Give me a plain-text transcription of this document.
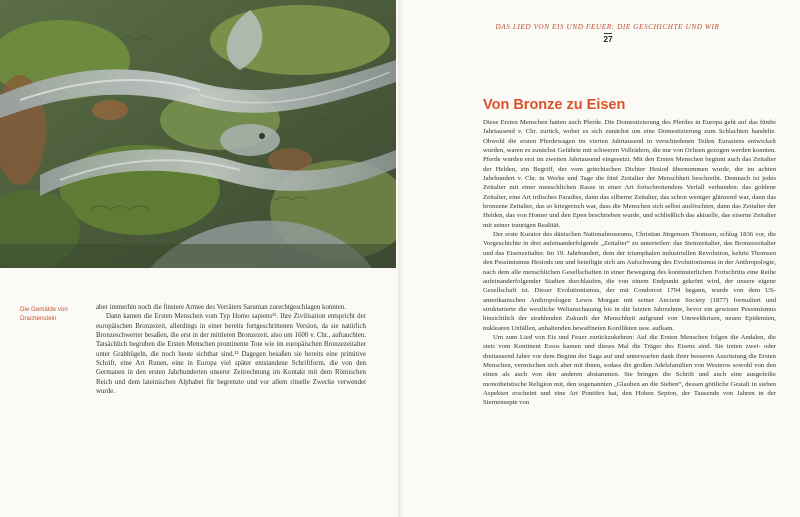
Die Gemälde von Drachenstein

aber immerhin noch die finstere Armee des Verräters Saruman zurechtgeschlagen konnten.

Dann kamen die Ersten Menschen vom Typ Homo sapiens¹². Ihre Zivilisation entspricht der europäischen Bronzezeit, allerdings in einer bereits fortgeschrittenen Version, da sie natürlich Bronzeschwerter besaßen, die erst in der mittleren Bronzezeit, also um 1600 v. Chr., auftauchten. Tatsächlich begruben die Ersten Menschen prominente Tote wie im europäischen Bronzezeitalter unter Grabhügeln, die noch heute sichtbar sind.¹³ Dagegen besaßen sie bereits eine primitive Schrift, eine Art Runen, eine in Europa viel später entstandene Schriftform, die von den Germanen in den ersten Jahrhunderten unserer Zeitrechnung im Kontakt mit dem Römischen Reich und dem lateinischen Alphabet für begrenzte und vor allem rituelle Zwecke verwendet wurde.

DAS LIED VON EIS UND FEUER: DIE GESCHICHTE UND WIR
27
Von Bronze zu Eisen

Diese Ersten Menschen hatten auch Pferde. Die Domestizierung des Pferdes in Europa geht auf das fünfte Jahrtausend v. Chr. zurück, wobei es sich zunächst um eine Domestizierung zum Schlachten handelte. Obwohl die ersten Pferdewagen im vierten Jahrtausend in verschiedenen Teilen Eurasiens entwickelt wurden, waren es zunächst Gefährte mit schweren Vollrädern, die nur von Ochsen gezogen werden konnten. Pferde wurden erst im zweiten Jahrtausend eingesetzt. Mit den Ersten Menschen beginnt auch das Zeitalter der Helden, ein Begriff, der vom griechischen Dichter Hesiod übernommen wurde, der im achten Jahrhundert v. Chr. in Werke und Tage die fünf Zeitalter der Menschheit beschreibt. Demnach ist jedes Zeitalter mit einer menschlichen Rasse in einer Art fortschreitendem Verfall verbunden: das goldene Zeitalter, eine Art irdisches Paradies, dann das silberne Zeitalter, das schon weniger glänzend war, dann das bronzene Zeitalter, das so kriegerisch war, dass die Menschen sich selbst auslöschten, dann das Zeitalter der Helden, das von Homer und den Epen beschrieben wurde, und schließlich das aktuelle, das eiserne Zeitalter mit seiner traurigen Realität.

Der erste Kurator des dänischen Nationalmuseums, Christian Jürgensen Thomsen, schlug 1836 vor, die Vorgeschichte in drei aufeinanderfolgende „Zeitalter“ zu unterteilen: das Steinzeitalter, das Bronzezeitalter und das Eisenzeitalter. Im 19. Jahrhundert, dem der triumphalen industriellen Revolution, kehrte Thomsen den Pessimismus Hesiods um und beteiligte sich am Aufschwung des Evolutionismus in der Anthropologie, nach dem alle menschlichen Gesellschaften in einer Bewegung des kontinuierlichen Fortschritts eine Reihe aufeinanderfolgender Stadien durchlaufen, die von einem Endpunkt gekrönt wird, der unsere eigene Gesellschaft ist. Dieser Evolutionismus, der mit Condorcet 1794 begann, wurde von dem US-amerikanischen Anthropologen Lewis Morgan mit seiner Ancient Society (1877) formuliert und strukturierte die westliche Weltanschauung bis in die letzten Jahrzehnte, bevor ein gewisser Pessimismus hinsichtlich der strahlenden Zukunft der Menschheit aufgrund von Umweltkrisen, neuen Epidemien, nuklearen Unfällen, anhaltenden bewaffneten Konflikten usw. aufkam.

Um zum Lied von Eis und Feuer zurückzukehren: Auf die Ersten Menschen folgen die Andalen, die stets vom Kontinent Essos kamen und dieses Mal die Träger des Eisens sind. Sie treten zwei- oder dreitausend Jahre vor dem Beginn der Saga auf und unterwarfen dank ihrer besseren Ausrüstung die Ersten Menschen, vermischen sich aber mit ihnen, sodass die großen Adelsfamilien von Westeros sowohl von den einen als auch von den anderen abstammen. Sie bringen die Schrift und auch eine ausgefeilte monotheistische Religion mit, den sogenannten „Glauben an die Sieben“, dessen göttliche Gestalt in sieben Aspekten erscheint und eine Art Pontifex hat, den Hohen Septon, der Tausende von Jahren in der Sternensepte von
